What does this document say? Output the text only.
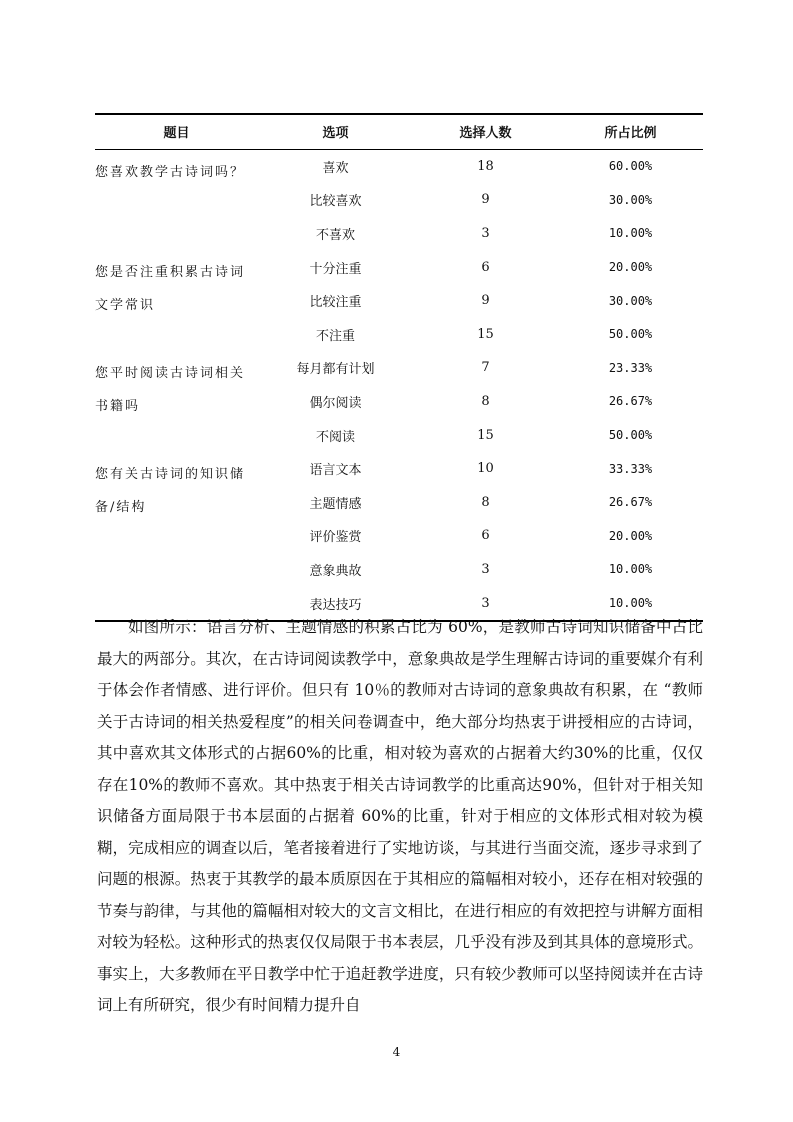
题目	选项	选择人数	所占比例
您喜欢教学古诗词吗？	喜欢	18	60.00%
	比较喜欢	9	30.00%
	不喜欢	3	10.00%
您是否注重积累古诗词文学常识	十分注重	6	20.00%
	比较注重	9	30.00%
	不注重	15	50.00%
您平时阅读古诗词相关书籍吗	每月都有计划	7	23.33%
	偶尔阅读	8	26.67%
	不阅读	15	50.00%
您有关古诗词的知识储备/结构	语言文本	10	33.33%
	主题情感	8	26.67%
	评价鉴赏	6	20.00%
	意象典故	3	10.00%
	表达技巧	3	10.00%

如图所示：语言分析、主题情感的积累占比为 60%，是教师古诗词知识储备中占比最大的两部分。其次，在古诗词阅读教学中，意象典故是学生理解古诗词的重要媒介有利于体会作者情感、进行评价。但只有 10％的教师对古诗词的意象典故有积累，在 “教师关于古诗词的相关热爱程度”的相关问卷调查中，绝大部分均热衷于讲授相应的古诗词，其中喜欢其文体形式的占据60%的比重，相对较为喜欢的占据着大约30%的比重，仅仅存在10%的教师不喜欢。其中热衷于相关古诗词教学的比重高达90%，但针对于相关知识储备方面局限于书本层面的占据着 60%的比重，针对于相应的文体形式相对较为模糊，完成相应的调查以后，笔者接着进行了实地访谈，与其进行当面交流，逐步寻求到了问题的根源。热衷于其教学的最本质原因在于其相应的篇幅相对较小，还存在相对较强的节奏与韵律，与其他的篇幅相对较大的文言文相比，在进行相应的有效把控与讲解方面相对较为轻松。这种形式的热衷仅仅局限于书本表层，几乎没有涉及到其具体的意境形式。事实上，大多教师在平日教学中忙于追赶教学进度，只有较少教师可以坚持阅读并在古诗词上有所研究，很少有时间精力提升自

4
